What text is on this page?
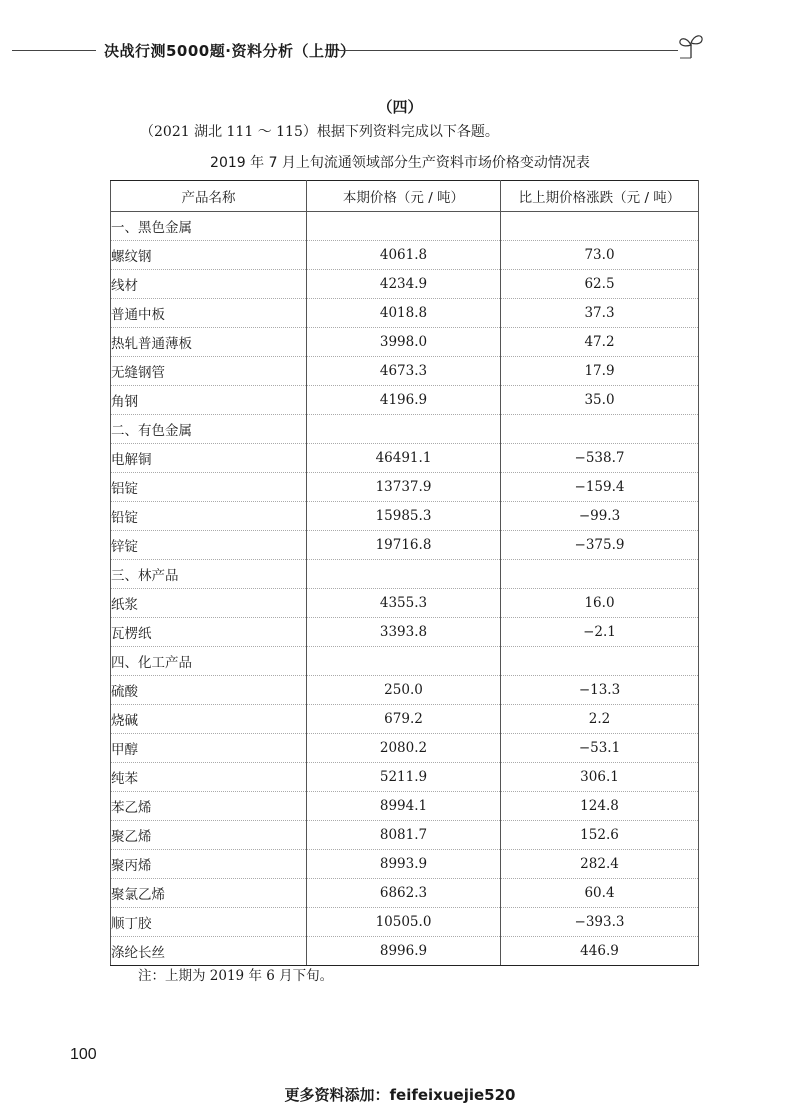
决战行测5000题·资料分析（上册）
（四）
（2021 湖北 111 ～ 115）根据下列资料完成以下各题。
2019 年 7 月上旬流通领域部分生产资料市场价格变动情况表
产品名称	本期价格（元 / 吨）	比上期价格涨跌（元 / 吨）
一、黑色金属		
螺纹钢	4061.8	73.0
线材	4234.9	62.5
普通中板	4018.8	37.3
热轧普通薄板	3998.0	47.2
无缝钢管	4673.3	17.9
角钢	4196.9	35.0
二、有色金属		
电解铜	46491.1	−538.7
铝锭	13737.9	−159.4
铅锭	15985.3	−99.3
锌锭	19716.8	−375.9
三、林产品		
纸浆	4355.3	16.0
瓦楞纸	3393.8	−2.1
四、化工产品		
硫酸	250.0	−13.3
烧碱	679.2	2.2
甲醇	2080.2	−53.1
纯苯	5211.9	306.1
苯乙烯	8994.1	124.8
聚乙烯	8081.7	152.6
聚丙烯	8993.9	282.4
聚氯乙烯	6862.3	60.4
顺丁胶	10505.0	−393.3
涤纶长丝	8996.9	446.9
注：上期为 2019 年 6 月下旬。
100
更多资料添加：feifeixuejie520
